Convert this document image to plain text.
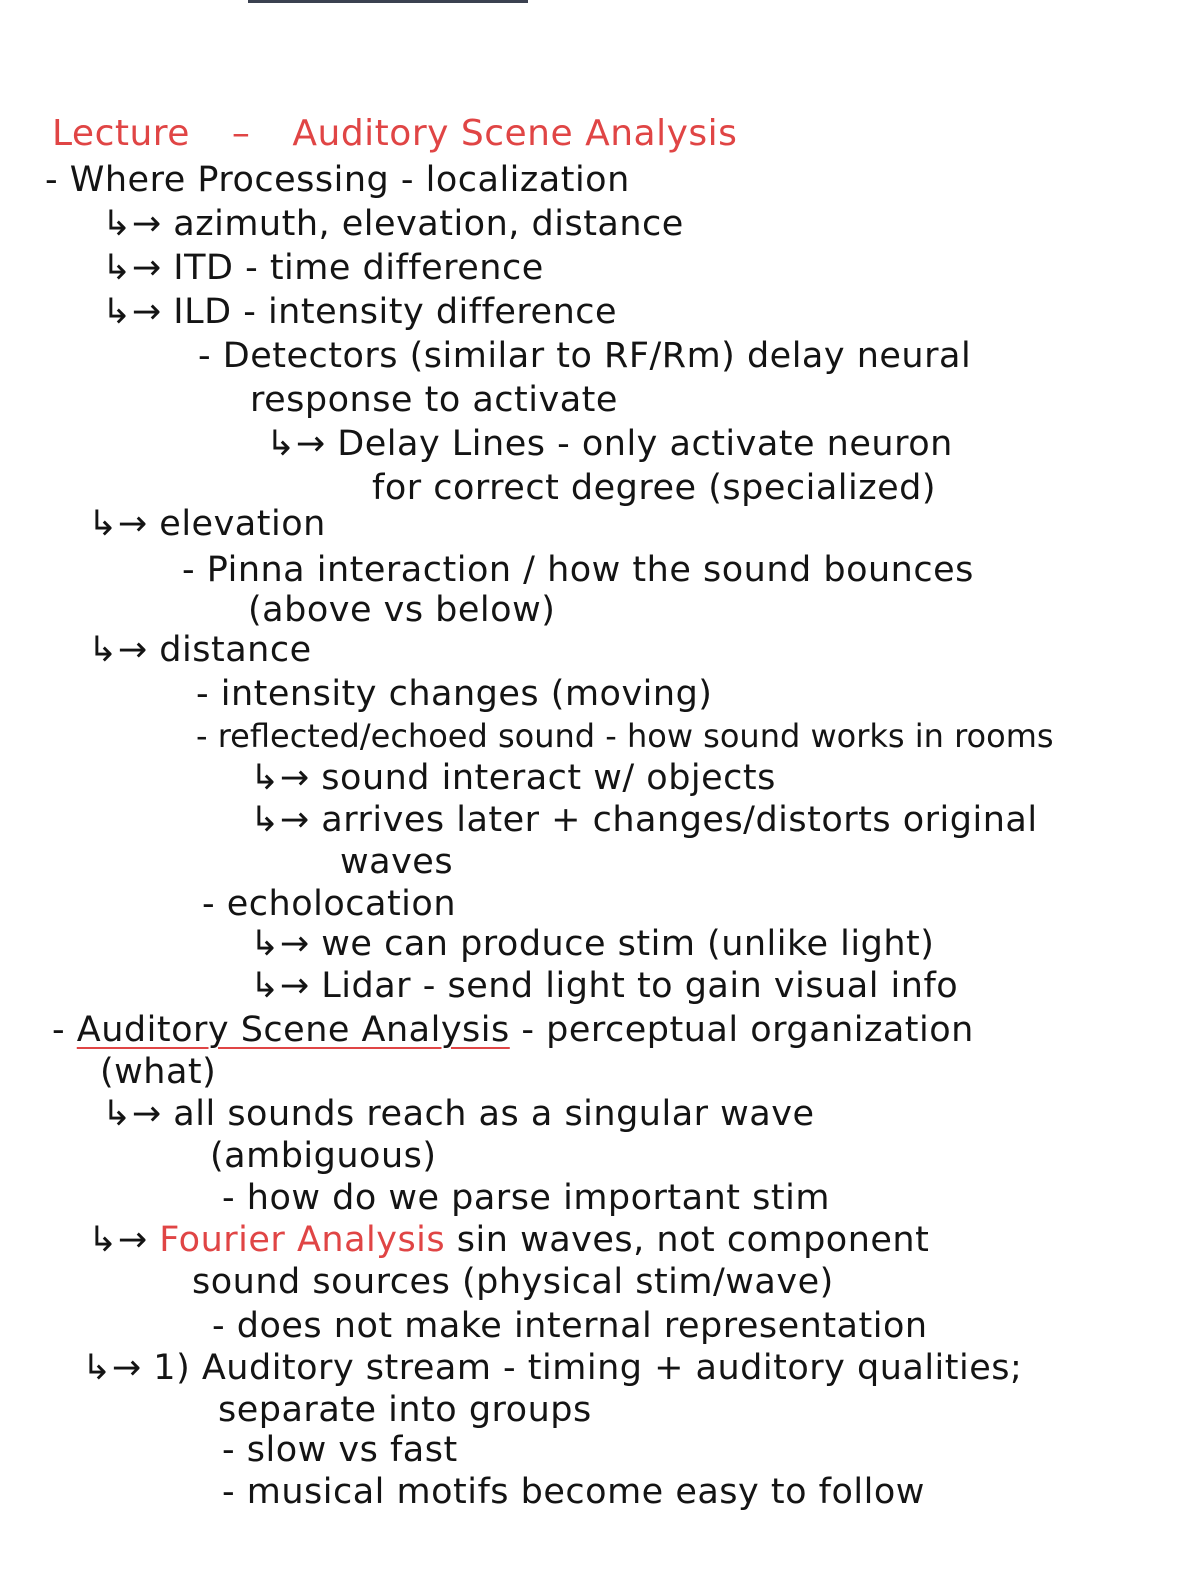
Lecture – Auditory Scene Analysis
- Where Processing - localization
↳→ azimuth, elevation, distance
↳→ ITD - time difference
↳→ ILD - intensity difference
- Detectors (similar to RF/Rm) delay neural
response to activate
↳→ Delay Lines - only activate neuron
for correct degree (specialized)
↳→ elevation
- Pinna interaction / how the sound bounces
(above vs below)
↳→ distance
- intensity changes (moving)
- reflected/echoed sound - how sound works in rooms
↳→ sound interact w/ objects
↳→ arrives later + changes/distorts original
waves
- echolocation
↳→ we can produce stim (unlike light)
↳→ Lidar - send light to gain visual info
- Auditory Scene Analysis - perceptual organization
(what)
↳→ all sounds reach as a singular wave
(ambiguous)
- how do we parse important stim
↳→ Fourier Analysis sin waves, not component
sound sources (physical stim/wave)
- does not make internal representation
↳→ 1) Auditory stream - timing + auditory qualities;
separate into groups
- slow vs fast
- musical motifs become easy to follow
